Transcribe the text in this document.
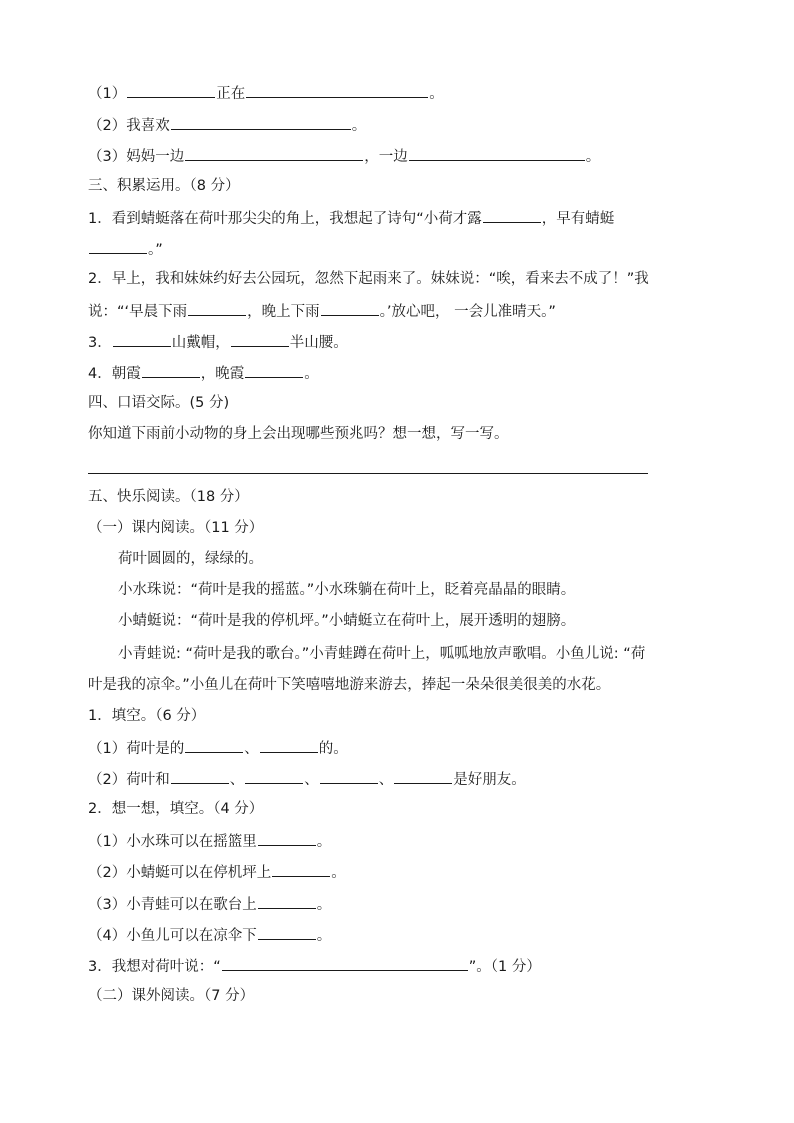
（1）	正在	。
（2）我喜欢	。
（3）妈妈一边	，一边	。
三、积累运用。（8 分）
1．看到蜻蜓落在荷叶那尖尖的角上，我想起了诗句“小荷才露	，早有蜻蜓
。”
2．早上，我和妹妹约好去公园玩，忽然下起雨来了。妹妹说：“唉，看来去不成了！”我
说：“‘早晨下雨	，晚上下雨	。’放心吧， 一会儿准晴天。”
3．	山戴帽，	半山腰。
4．朝霞	，晚霞	。
四、口语交际。(5 分)
你知道下雨前小动物的身上会出现哪些预兆吗？想一想，写一写。
五、快乐阅读。（18 分）
（一）课内阅读。（11 分）
荷叶圆圆的，绿绿的。
小水珠说：“荷叶是我的摇蓝。”小水珠躺在荷叶上，眨着亮晶晶的眼睛。
小蜻蜓说：“荷叶是我的停机坪。”小蜻蜓立在荷叶上，展开透明的翅膀。
小青蛙说: “荷叶是我的歌台。”小青蛙蹲在荷叶上，呱呱地放声歌唱。小鱼儿说: “荷
叶是我的凉伞。”小鱼儿在荷叶下笑嘻嘻地游来游去，捧起一朵朵很美很美的水花。
1．填空。（6 分）
（1）荷叶是的	、	的。
（2）荷叶和	、	、	、	是好朋友。
2．想一想，填空。（4 分）
（1）小水珠可以在摇篮里	。
（2）小蜻蜓可以在停机坪上	。
（3）小青蛙可以在歌台上	。
（4）小鱼儿可以在凉伞下	。
3．我想对荷叶说：“	”。（1 分）
（二）课外阅读。（7 分）
